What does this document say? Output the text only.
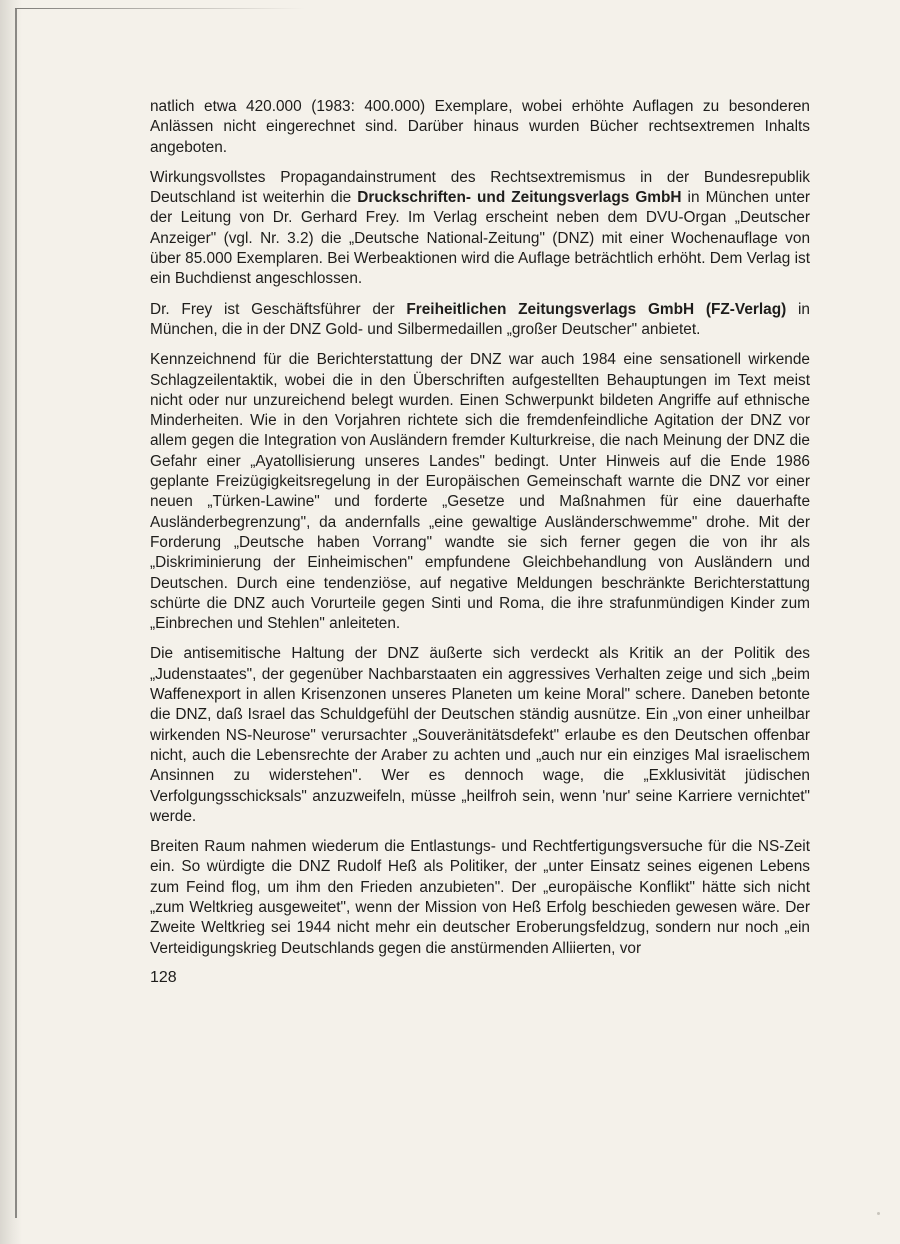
natlich etwa 420.000 (1983: 400.000) Exemplare, wobei erhöhte Auflagen zu besonderen Anlässen nicht eingerechnet sind. Darüber hinaus wurden Bücher rechtsextremen Inhalts angeboten.

Wirkungsvollstes Propagandainstrument des Rechtsextremismus in der Bundesrepublik Deutschland ist weiterhin die Druckschriften- und Zeitungsverlags GmbH in München unter der Leitung von Dr. Gerhard Frey. Im Verlag erscheint neben dem DVU-Organ „Deutscher Anzeiger" (vgl. Nr. 3.2) die „Deutsche National-Zeitung" (DNZ) mit einer Wochenauflage von über 85.000 Exemplaren. Bei Werbeaktionen wird die Auflage beträchtlich erhöht. Dem Verlag ist ein Buchdienst angeschlossen.

Dr. Frey ist Geschäftsführer der Freiheitlichen Zeitungsverlags GmbH (FZ-Verlag) in München, die in der DNZ Gold- und Silbermedaillen „großer Deutscher" anbietet.

Kennzeichnend für die Berichterstattung der DNZ war auch 1984 eine sensationell wirkende Schlagzeilentaktik, wobei die in den Überschriften aufgestellten Behauptungen im Text meist nicht oder nur unzureichend belegt wurden. Einen Schwerpunkt bildeten Angriffe auf ethnische Minderheiten. Wie in den Vorjahren richtete sich die fremdenfeindliche Agitation der DNZ vor allem gegen die Integration von Ausländern fremder Kulturkreise, die nach Meinung der DNZ die Gefahr einer „Ayatollisierung unseres Landes" bedingt. Unter Hinweis auf die Ende 1986 geplante Freizügigkeitsregelung in der Europäischen Gemeinschaft warnte die DNZ vor einer neuen „Türken-Lawine" und forderte „Gesetze und Maßnahmen für eine dauerhafte Ausländerbegrenzung", da andernfalls „eine gewaltige Ausländerschwemme" drohe. Mit der Forderung „Deutsche haben Vorrang" wandte sie sich ferner gegen die von ihr als „Diskriminierung der Einheimischen" empfundene Gleichbehandlung von Ausländern und Deutschen. Durch eine tendenziöse, auf negative Meldungen beschränkte Berichterstattung schürte die DNZ auch Vorurteile gegen Sinti und Roma, die ihre strafunmündigen Kinder zum „Einbrechen und Stehlen" anleiteten.

Die antisemitische Haltung der DNZ äußerte sich verdeckt als Kritik an der Politik des „Judenstaates", der gegenüber Nachbarstaaten ein aggressives Verhalten zeige und sich „beim Waffenexport in allen Krisenzonen unseres Planeten um keine Moral" schere. Daneben betonte die DNZ, daß Israel das Schuldgefühl der Deutschen ständig ausnütze. Ein „von einer unheilbar wirkenden NS-Neurose" verursachter „Souveränitätsdefekt" erlaube es den Deutschen offenbar nicht, auch die Lebensrechte der Araber zu achten und „auch nur ein einziges Mal israelischem Ansinnen zu widerstehen". Wer es dennoch wage, die „Exklusivität jüdischen Verfolgungsschicksals" anzuzweifeln, müsse „heilfroh sein, wenn 'nur' seine Karriere vernichtet" werde.

Breiten Raum nahmen wiederum die Entlastungs- und Rechtfertigungsversuche für die NS-Zeit ein. So würdigte die DNZ Rudolf Heß als Politiker, der „unter Einsatz seines eigenen Lebens zum Feind flog, um ihm den Frieden anzubieten". Der „europäische Konflikt" hätte sich nicht „zum Weltkrieg ausgeweitet", wenn der Mission von Heß Erfolg beschieden gewesen wäre. Der Zweite Weltkrieg sei 1944 nicht mehr ein deutscher Eroberungsfeldzug, sondern nur noch „ein Verteidigungskrieg Deutschlands gegen die anstürmenden Alliierten, vor

128
